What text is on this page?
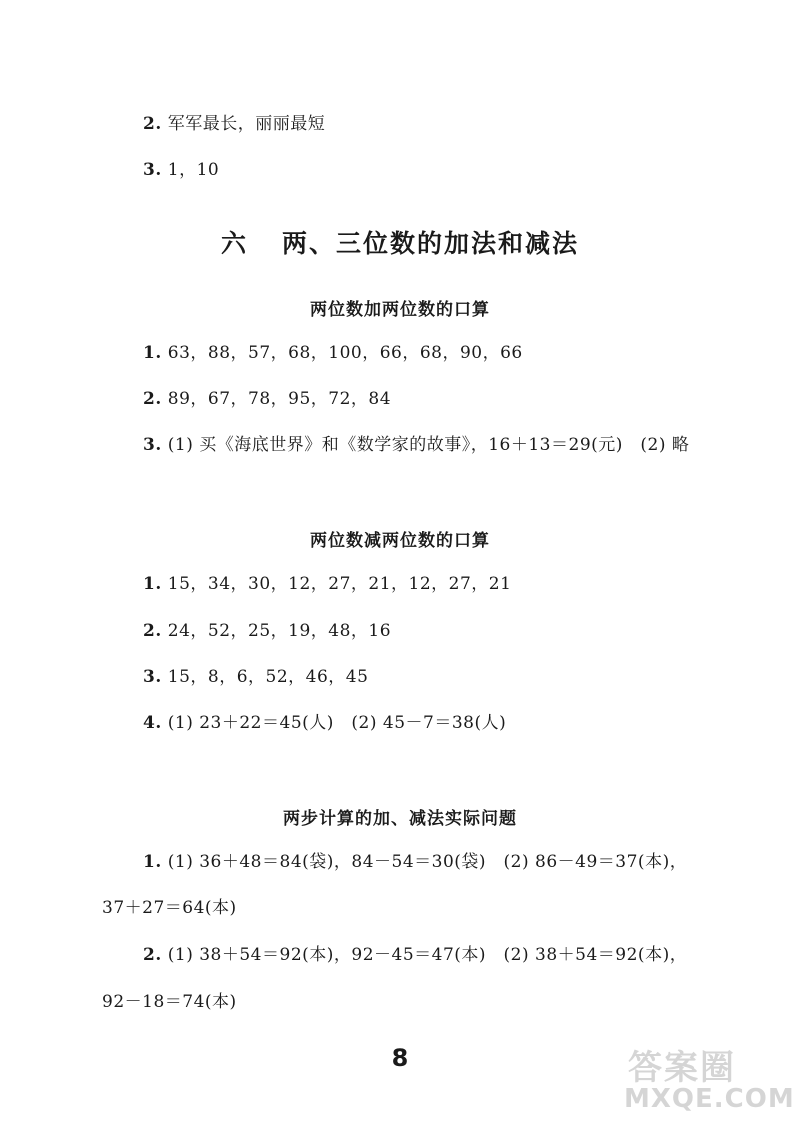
2. 军军最长，丽丽最短
3. 1，10
六 两、三位数的加法和减法
两位数加两位数的口算
1. 63，88，57，68，100，66，68，90，66
2. 89，67，78，95，72，84
3. (1) 买《海底世界》和《数学家的故事》，16＋13＝29(元)　(2) 略
两位数减两位数的口算
1. 15，34，30，12，27，21，12，27，21
2. 24，52，25，19，48，16
3. 15，8，6，52，46，45
4. (1) 23＋22＝45(人)　(2) 45－7＝38(人)
两步计算的加、减法实际问题
1. (1) 36＋48＝84(袋)，84－54＝30(袋)　(2) 86－49＝37(本)，
37＋27＝64(本)
2. (1) 38＋54＝92(本)，92－45＝47(本)　(2) 38＋54＝92(本)，
92－18＝74(本)
8	答案圈
MXQE.COM
